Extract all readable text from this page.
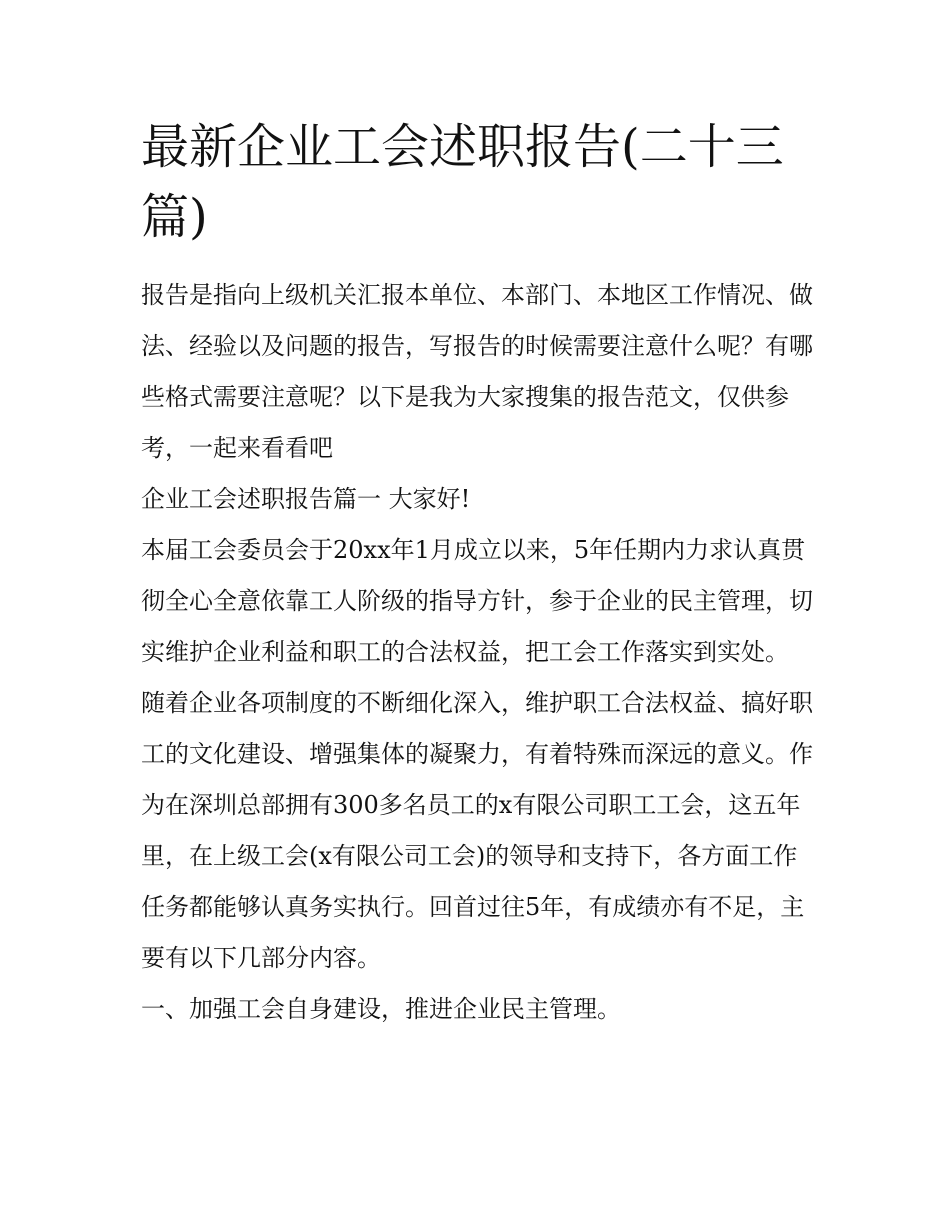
最新企业工会述职报告(二十三篇)

报告是指向上级机关汇报本单位、本部门、本地区工作情况、做法、经验以及问题的报告，写报告的时候需要注意什么呢？有哪些格式需要注意呢？以下是我为大家搜集的报告范文，仅供参考，一起来看看吧

企业工会述职报告篇一 大家好!

本届工会委员会于20xx年1月成立以来，5年任期内力求认真贯彻全心全意依靠工人阶级的指导方针，参于企业的民主管理，切实维护企业利益和职工的合法权益，把工会工作落实到实处。

随着企业各项制度的不断细化深入，维护职工合法权益、搞好职工的文化建设、增强集体的凝聚力，有着特殊而深远的意义。作为在深圳总部拥有300多名员工的x有限公司职工工会，这五年里，在上级工会(x有限公司工会)的领导和支持下，各方面工作任务都能够认真务实执行。回首过往5年，有成绩亦有不足，主要有以下几部分内容。

一、加强工会自身建设，推进企业民主管理。
